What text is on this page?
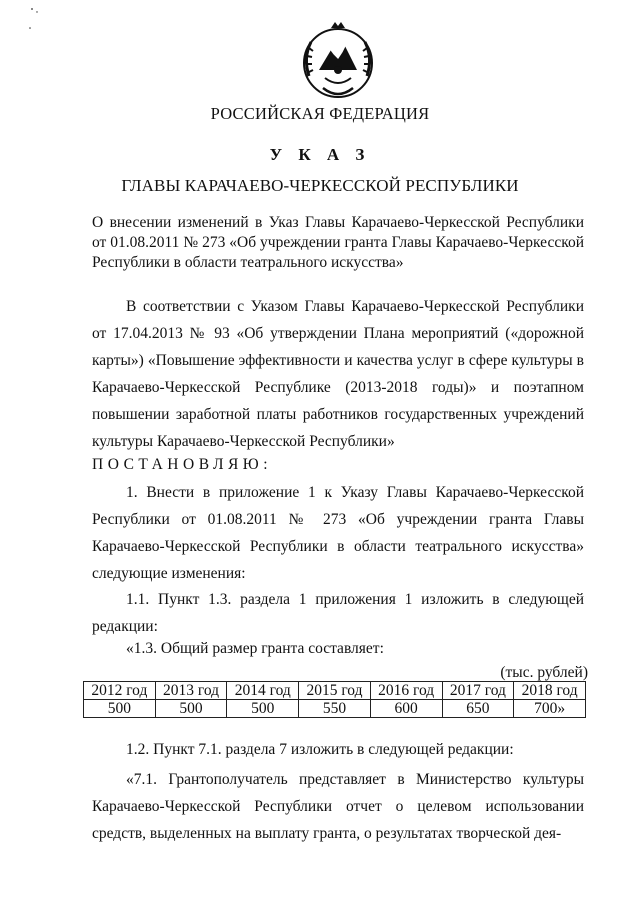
РОССИЙСКАЯ ФЕДЕРАЦИЯ
У К А З
ГЛАВЫ КАРАЧАЕВО-ЧЕРКЕССКОЙ РЕСПУБЛИКИ
О внесении изменений в Указ Главы Карачаево-Черкесской Республики от 01.08.2011 № 273 «Об учреждении гранта Главы Карачаево-Черкесской Республики в области театрального искусства»
В соответствии с Указом Главы Карачаево-Черкесской Республики от 17.04.2013 № 93 «Об утверждении Плана мероприятий («дорожной карты») «Повышение эффективности и качества услуг в сфере культуры в Карачаево-Черкесской Республике (2013-2018 годы)» и поэтапном повышении заработной платы работников государственных учреждений культуры Карачаево-Черкесской Республики»
ПОСТАНОВЛЯЮ:
1. Внести в приложение 1 к Указу Главы Карачаево-Черкесской Республики от 01.08.2011 № 273 «Об учреждении гранта Главы Карачаево-Черкесской Республики в области театрального искусства» следующие изменения:
1.1. Пункт 1.3. раздела 1 приложения 1 изложить в следующей редакции:
«1.3. Общий размер гранта составляет:
(тыс. рублей)
2012 год	2013 год	2014 год	2015 год	2016 год	2017 год	2018 год
500	500	500	550	600	650	700»
1.2. Пункт 7.1. раздела 7 изложить в следующей редакции:
«7.1. Грантополучатель представляет в Министерство культуры Карачаево-Черкесской Республики отчет о целевом использовании средств, выделенных на выплату гранта, о результатах творческой дея-
